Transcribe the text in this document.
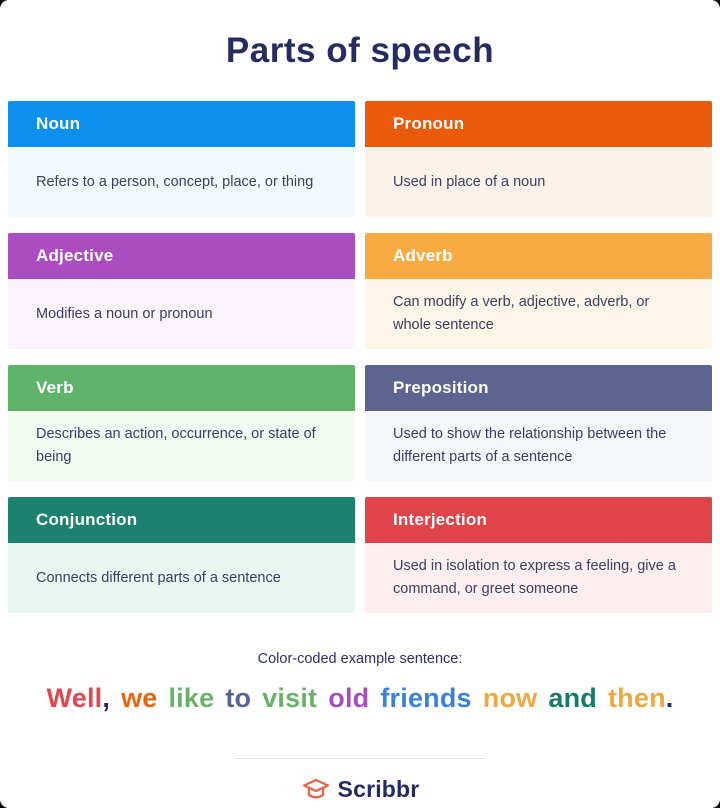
Parts of speech
Noun
Refers to a person, concept, place, or thing
Pronoun
Used in place of a noun
Adjective
Modifies a noun or pronoun
Adverb
Can modify a verb, adjective, adverb, or whole sentence
Verb
Describes an action, occurrence, or state of being
Preposition
Used to show the relationship between the different parts of a sentence
Conjunction
Connects different parts of a sentence
Interjection
Used in isolation to express a feeling, give a command, or greet someone
Color-coded example sentence:
Well, we like to visit old friends now and then.
Scribbr
